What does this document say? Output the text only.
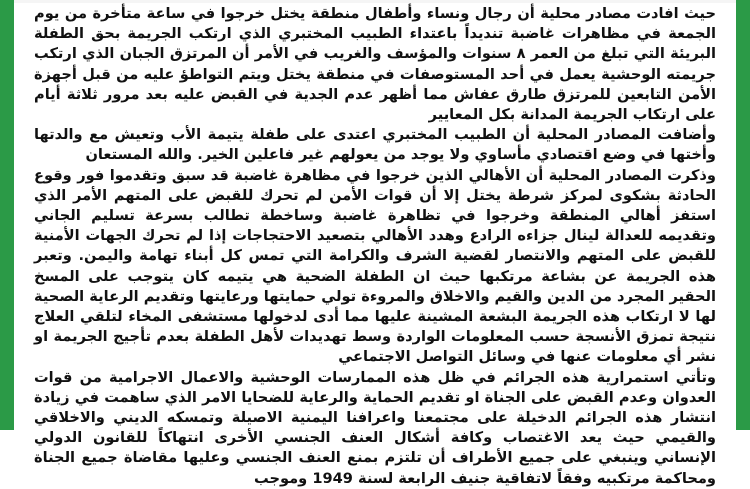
حيث افادت مصادر محلية أن رجال ونساء وأطفال منطقة يختل خرجوا في ساعة متأخرة من يوم الجمعة في مظاهرات غاضبة تنديداً باعتداء الطبيب المختبري الذي ارتكب الجريمة بحق الطفلة البريئة التي تبلغ من العمر ٨ سنوات والمؤسف والغريب في الأمر أن المرتزق الجبان الذي ارتكب جريمته الوحشية يعمل في أحد المستوصفات في منطقة يختل ويتم التواطؤ عليه من قبل أجهزة الأمن التابعين للمرتزق طارق عفاش مما أظهر عدم الجدية في القبض عليه بعد مرور ثلاثة أيام على ارتكاب الجريمة المدانة بكل المعايير

وأضافت المصادر المحلية أن الطبيب المختبري اعتدى على طفلة يتيمة الأب وتعيش مع والدتها وأختها في وضع اقتصادي مأساوي ولا يوجد من يعولهم غير فاعلين الخير. والله المستعان

وذكرت المصادر المحلية أن الأهالي الذين خرجوا في مظاهرة غاضبة قد سبق وتقدموا فور وقوع الحادثة بشكوى لمركز شرطة يختل إلا أن قوات الأمن لم تحرك للقبض على المتهم الأمر الذي استفز أهالي المنطقة وخرجوا في تظاهرة غاضبة وساخطة تطالب بسرعة تسليم الجاني وتقديمه للعدالة لينال جزاءه الرادع وهدد الأهالي بتصعيد الاحتجاجات إذا لم تحرك الجهات الأمنية للقبض على المتهم والانتصار لقضية الشرف والكرامة التي تمس كل أبناء تهامة واليمن. وتعبر هذه الجريمة عن بشاعة مرتكبها حيث ان الطفلة الضحية هي يتيمه كان يتوجب على المسخ الحقير المجرد من الدين والقيم والاخلاق والمروءة تولي حمايتها ورعايتها وتقديم الرعاية الصحية لها لا ارتكاب هذه الجريمة البشعة المشينة عليها مما أدى لدخولها مستشفى المخاء لتلقي العلاج نتيجة تمزق الأنسجة حسب المعلومات الواردة وسط تهديدات لأهل الطفلة بعدم تأجيج الجريمة او نشر أي معلومات عنها في وسائل التواصل الاجتماعي

وتأتي استمرارية هذه الجرائم في ظل هذه الممارسات الوحشية والاعمال الاجرامية من قوات العدوان وعدم القبض على الجناة او تقديم الحماية والرعاية للضحايا الامر الذي ساهمت في زيادة انتشار هذه الجرائم الدخيلة على مجتمعنا واعرافنا اليمنية الاصيلة وتمسكه الديني والاخلاقي والقيمي حيث يعد الاغتصاب وكافة أشكال العنف الجنسي الأخرى انتهاكاً للقانون الدولي الإنساني وينبغي على جميع الأطراف أن تلتزم بمنع العنف الجنسي وعليها مقاضاة جميع الجناة ومحاكمة مرتكبيه وفقاً لاتفاقية جنيف الرابعة لسنة 1949 وموجب
